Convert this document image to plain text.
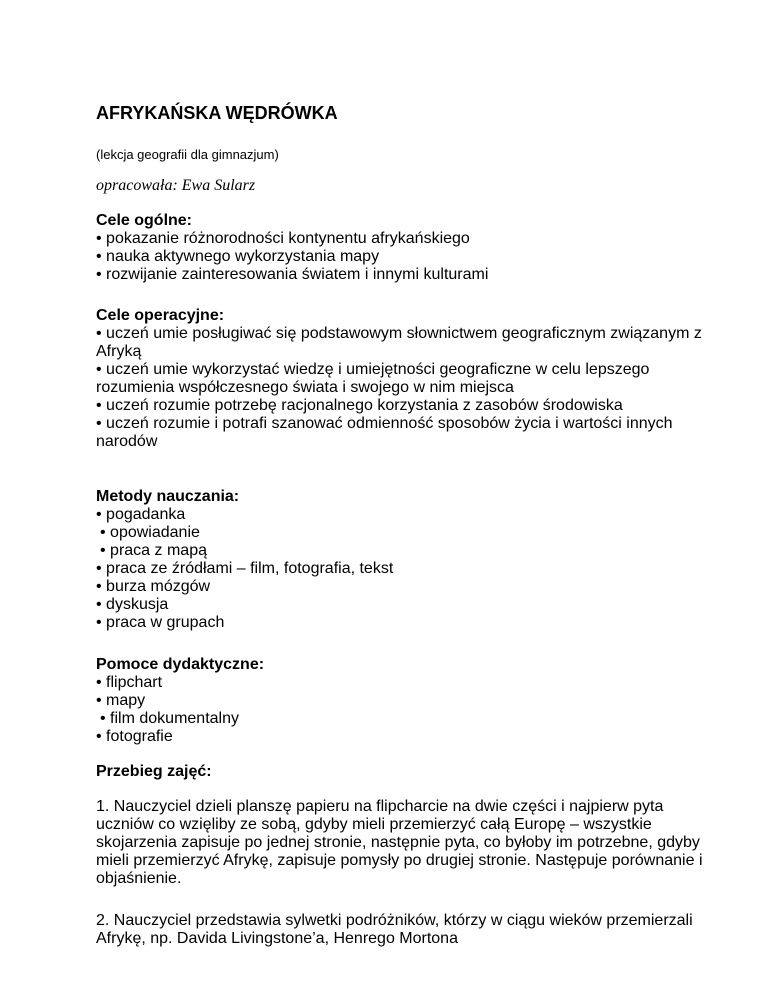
AFRYKAŃSKA WĘDRÓWKA

(lekcja geografii dla gimnazjum)

opracowała: Ewa Sularz

Cele ogólne:
• pokazanie różnorodności kontynentu afrykańskiego
• nauka aktywnego wykorzystania mapy
• rozwijanie zainteresowania światem i innymi kulturami
Cele operacyjne:
• uczeń umie posługiwać się podstawowym słownictwem geograficznym związanym z Afryką
• uczeń umie wykorzystać wiedzę i umiejętności geograficzne w celu lepszego rozumienia współczesnego świata i swojego w nim miejsca
• uczeń rozumie potrzebę racjonalnego korzystania z zasobów środowiska
• uczeń rozumie i potrafi szanować odmienność sposobów życia i wartości innych narodów
Metody nauczania:
• pogadanka
• opowiadanie
• praca z mapą
• praca ze źródłami – film, fotografia, tekst
• burza mózgów
• dyskusja
• praca w grupach
Pomoce dydaktyczne:
• flipchart
• mapy
• film dokumentalny
• fotografie
Przebieg zajęć:

1. Nauczyciel dzieli planszę papieru na flipcharcie na dwie części i najpierw pyta uczniów co wzięliby ze sobą, gdyby mieli przemierzyć całą Europę – wszystkie skojarzenia zapisuje po jednej stronie, następnie pyta, co byłoby im potrzebne, gdyby mieli przemierzyć Afrykę, zapisuje pomysły po drugiej stronie. Następuje porównanie i objaśnienie.

2. Nauczyciel przedstawia sylwetki podróżników, którzy w ciągu wieków przemierzali Afrykę, np. Davida Livingstone’a, Henrego Mortona
